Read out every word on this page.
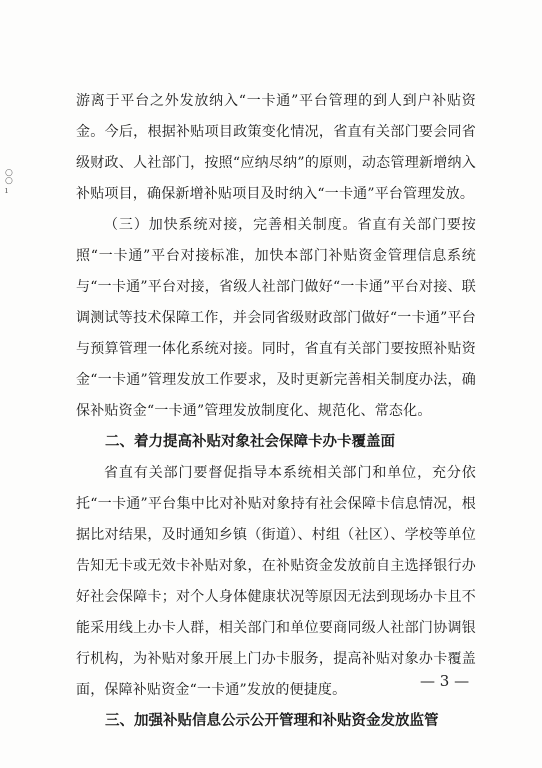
○
○
ı

游离于平台之外发放纳入“一卡通”平台管理的到人到户补贴资金。今后，根据补贴项目政策变化情况，省直有关部门要会同省级财政、人社部门，按照“应纳尽纳”的原则，动态管理新增纳入补贴项目，确保新增补贴项目及时纳入“一卡通”平台管理发放。

（三）加快系统对接，完善相关制度。省直有关部门要按照“一卡通”平台对接标准，加快本部门补贴资金管理信息系统与“一卡通”平台对接，省级人社部门做好“一卡通”平台对接、联调测试等技术保障工作，并会同省级财政部门做好“一卡通”平台与预算管理一体化系统对接。同时，省直有关部门要按照补贴资金“一卡通”管理发放工作要求，及时更新完善相关制度办法，确保补贴资金“一卡通”管理发放制度化、规范化、常态化。

二、着力提高补贴对象社会保障卡办卡覆盖面

省直有关部门要督促指导本系统相关部门和单位，充分依托“一卡通”平台集中比对补贴对象持有社会保障卡信息情况，根据比对结果，及时通知乡镇（街道）、村组（社区）、学校等单位告知无卡或无效卡补贴对象，在补贴资金发放前自主选择银行办好社会保障卡；对个人身体健康状况等原因无法到现场办卡且不能采用线上办卡人群，相关部门和单位要商同级人社部门协调银行机构，为补贴对象开展上门办卡服务，提高补贴对象办卡覆盖面，保障补贴资金“一卡通”发放的便捷度。

三、加强补贴信息公示公开管理和补贴资金发放监管

— 3 —
